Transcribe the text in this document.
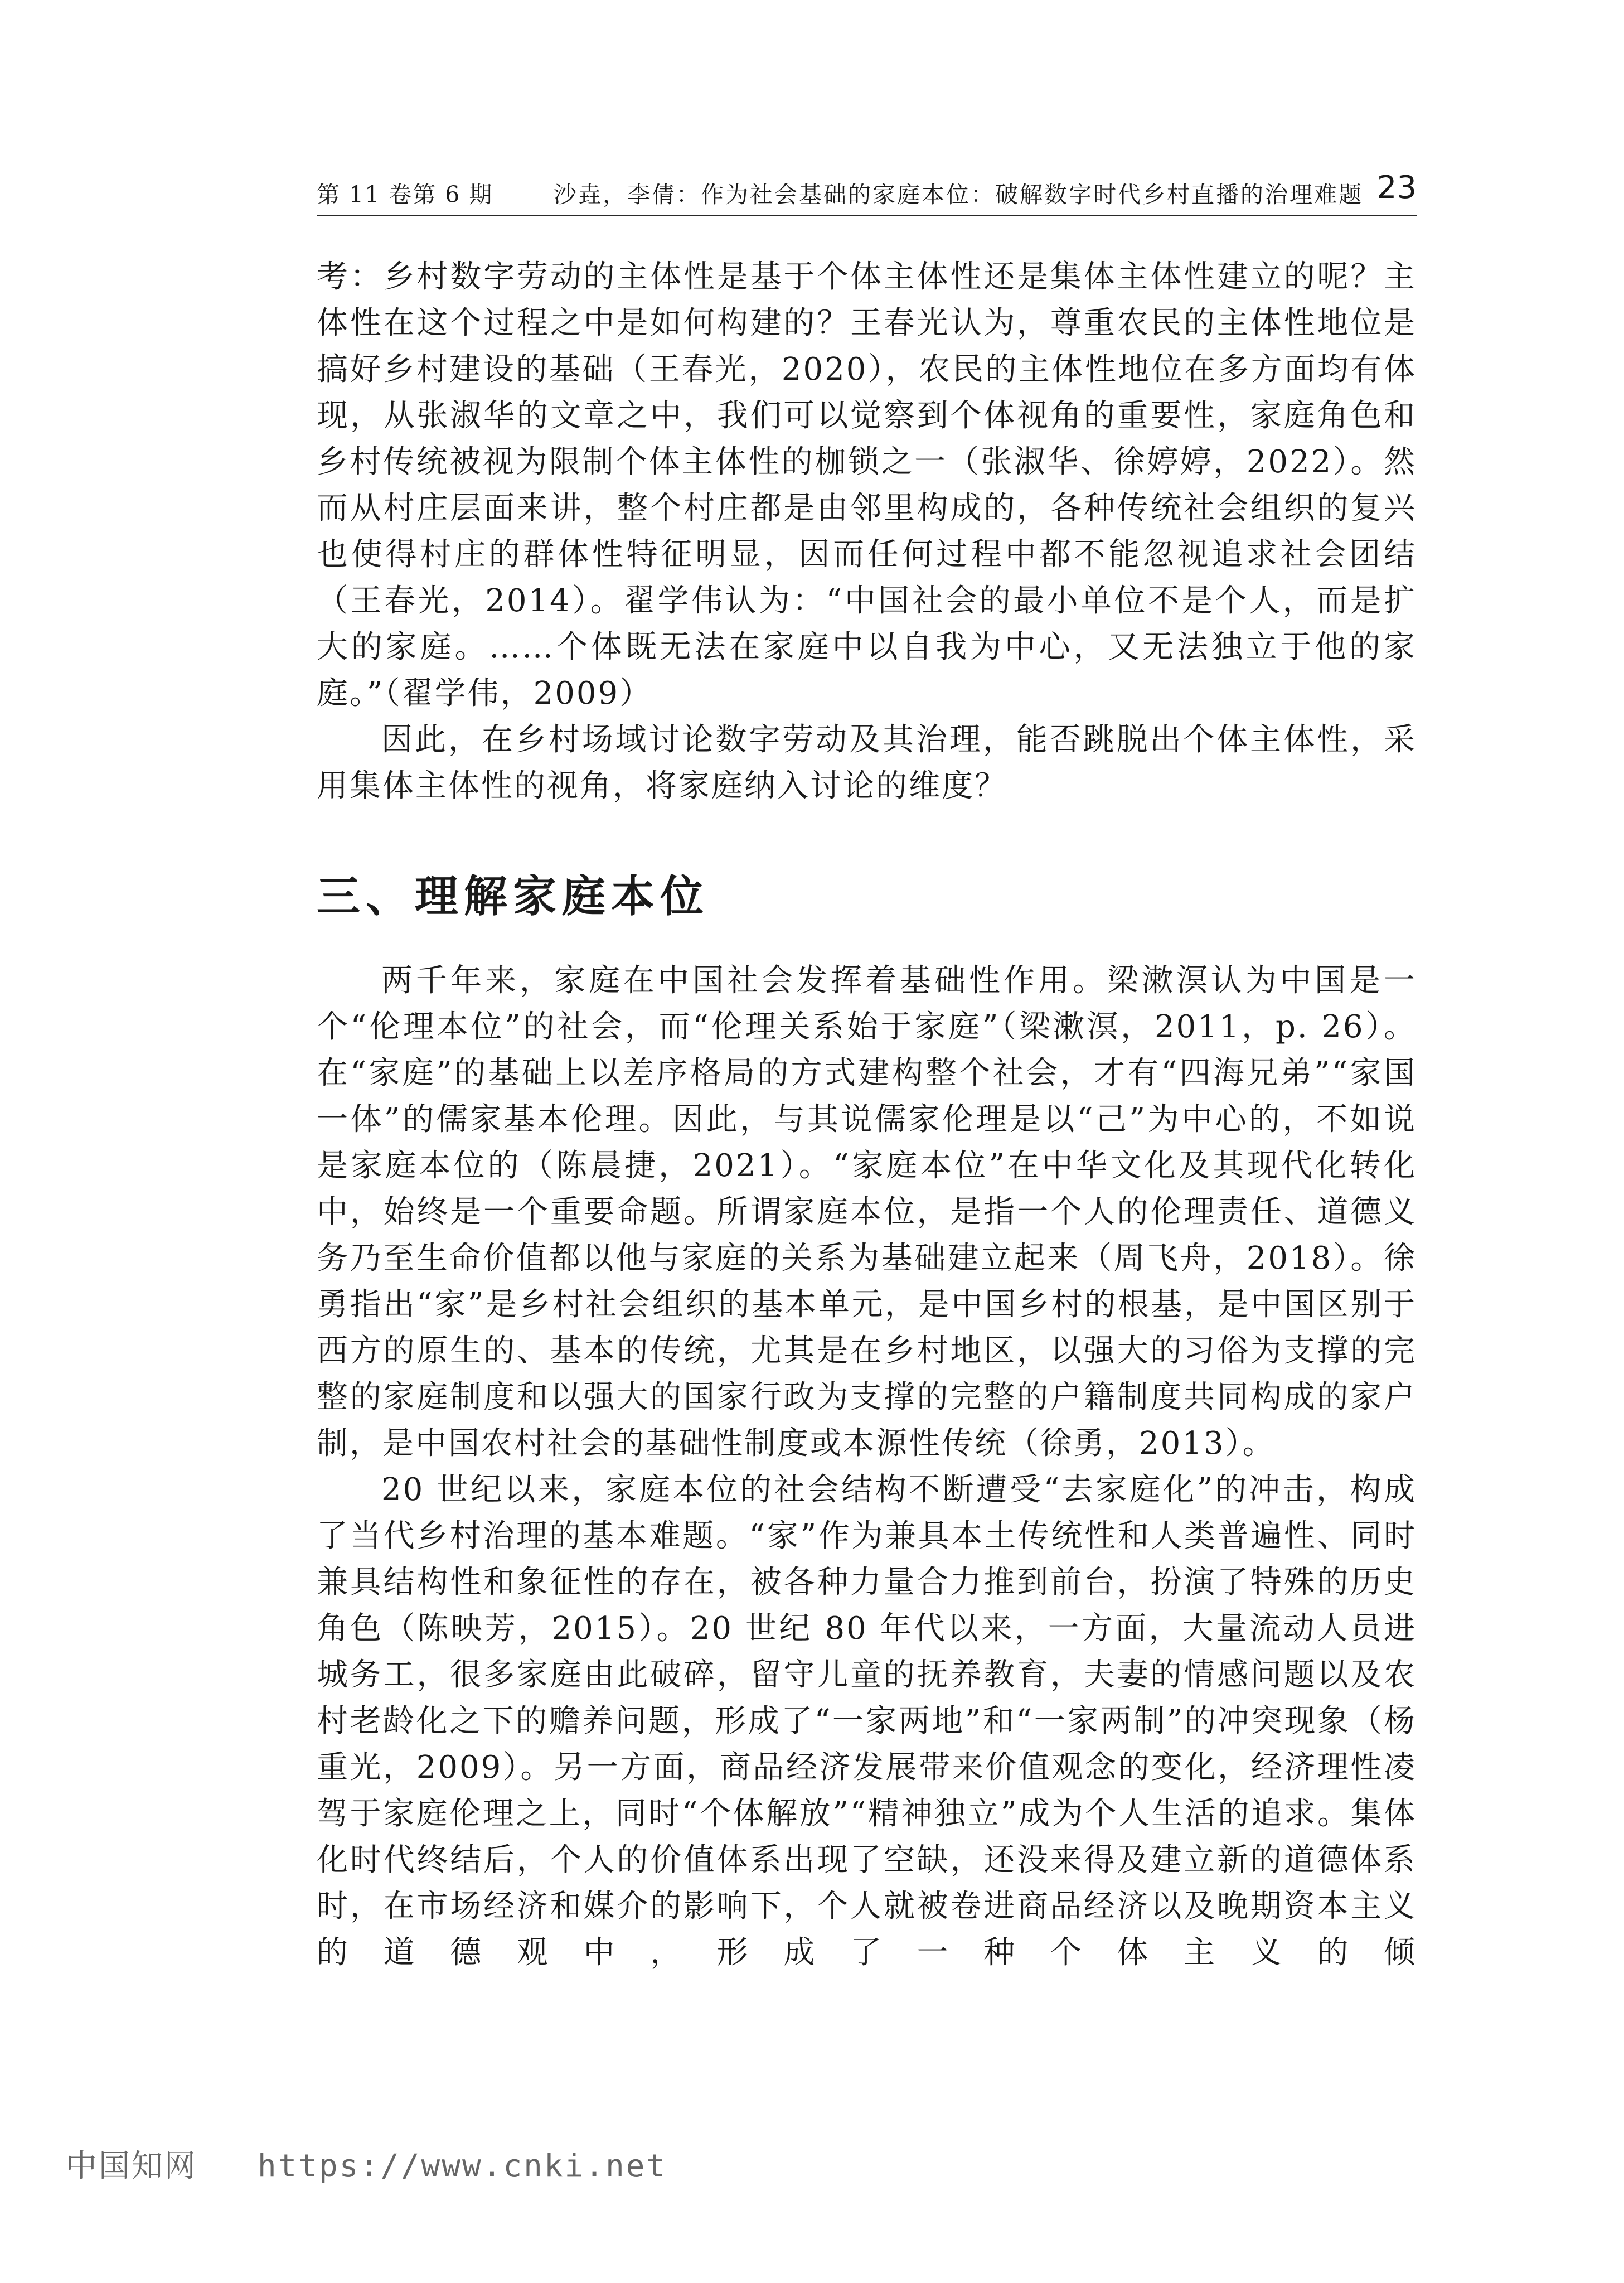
第 11 卷第 6 期	沙垚，李倩：作为社会基础的家庭本位：破解数字时代乡村直播的治理难题 23

考：乡村数字劳动的主体性是基于个体主体性还是集体主体性建立的呢？主体性在这个过程之中是如何构建的？王春光认为，尊重农民的主体性地位是搞好乡村建设的基础（王春光，2020），农民的主体性地位在多方面均有体现，从张淑华的文章之中，我们可以觉察到个体视角的重要性，家庭角色和乡村传统被视为限制个体主体性的枷锁之一（张淑华、徐婷婷，2022）。然而从村庄层面来讲，整个村庄都是由邻里构成的，各种传统社会组织的复兴也使得村庄的群体性特征明显，因而任何过程中都不能忽视追求社会团结（王春光，2014）。翟学伟认为：“中国社会的最小单位不是个人，而是扩大的家庭。……个体既无法在家庭中以自我为中心，又无法独立于他的家庭。”（翟学伟，2009）

因此，在乡村场域讨论数字劳动及其治理，能否跳脱出个体主体性，采用集体主体性的视角，将家庭纳入讨论的维度？

三、理解家庭本位

两千年来，家庭在中国社会发挥着基础性作用。梁漱溟认为中国是一个“伦理本位”的社会，而“伦理关系始于家庭”（梁漱溟，2011，p. 26）。在“家庭”的基础上以差序格局的方式建构整个社会，才有“四海兄弟”“家国一体”的儒家基本伦理。因此，与其说儒家伦理是以“己”为中心的，不如说是家庭本位的（陈晨捷，2021）。“家庭本位”在中华文化及其现代化转化中，始终是一个重要命题。所谓家庭本位，是指一个人的伦理责任、道德义务乃至生命价值都以他与家庭的关系为基础建立起来（周飞舟，2018）。徐勇指出“家”是乡村社会组织的基本单元，是中国乡村的根基，是中国区别于西方的原生的、基本的传统，尤其是在乡村地区，以强大的习俗为支撑的完整的家庭制度和以强大的国家行政为支撑的完整的户籍制度共同构成的家户制，是中国农村社会的基础性制度或本源性传统（徐勇，2013）。

20 世纪以来，家庭本位的社会结构不断遭受“去家庭化”的冲击，构成了当代乡村治理的基本难题。“家”作为兼具本土传统性和人类普遍性、同时兼具结构性和象征性的存在，被各种力量合力推到前台，扮演了特殊的历史角色（陈映芳，2015）。20 世纪 80 年代以来，一方面，大量流动人员进城务工，很多家庭由此破碎，留守儿童的抚养教育，夫妻的情感问题以及农村老龄化之下的赡养问题，形成了“一家两地”和“一家两制”的冲突现象（杨重光，2009）。另一方面，商品经济发展带来价值观念的变化，经济理性凌驾于家庭伦理之上，同时“个体解放”“精神独立”成为个人生活的追求。集体化时代终结后，个人的价值体系出现了空缺，还没来得及建立新的道德体系时，在市场经济和媒介的影响下，个人就被卷进商品经济以及晚期资本主义的道德观中，形成了一种个体主义的倾

中国知网 https://www.cnki.net
